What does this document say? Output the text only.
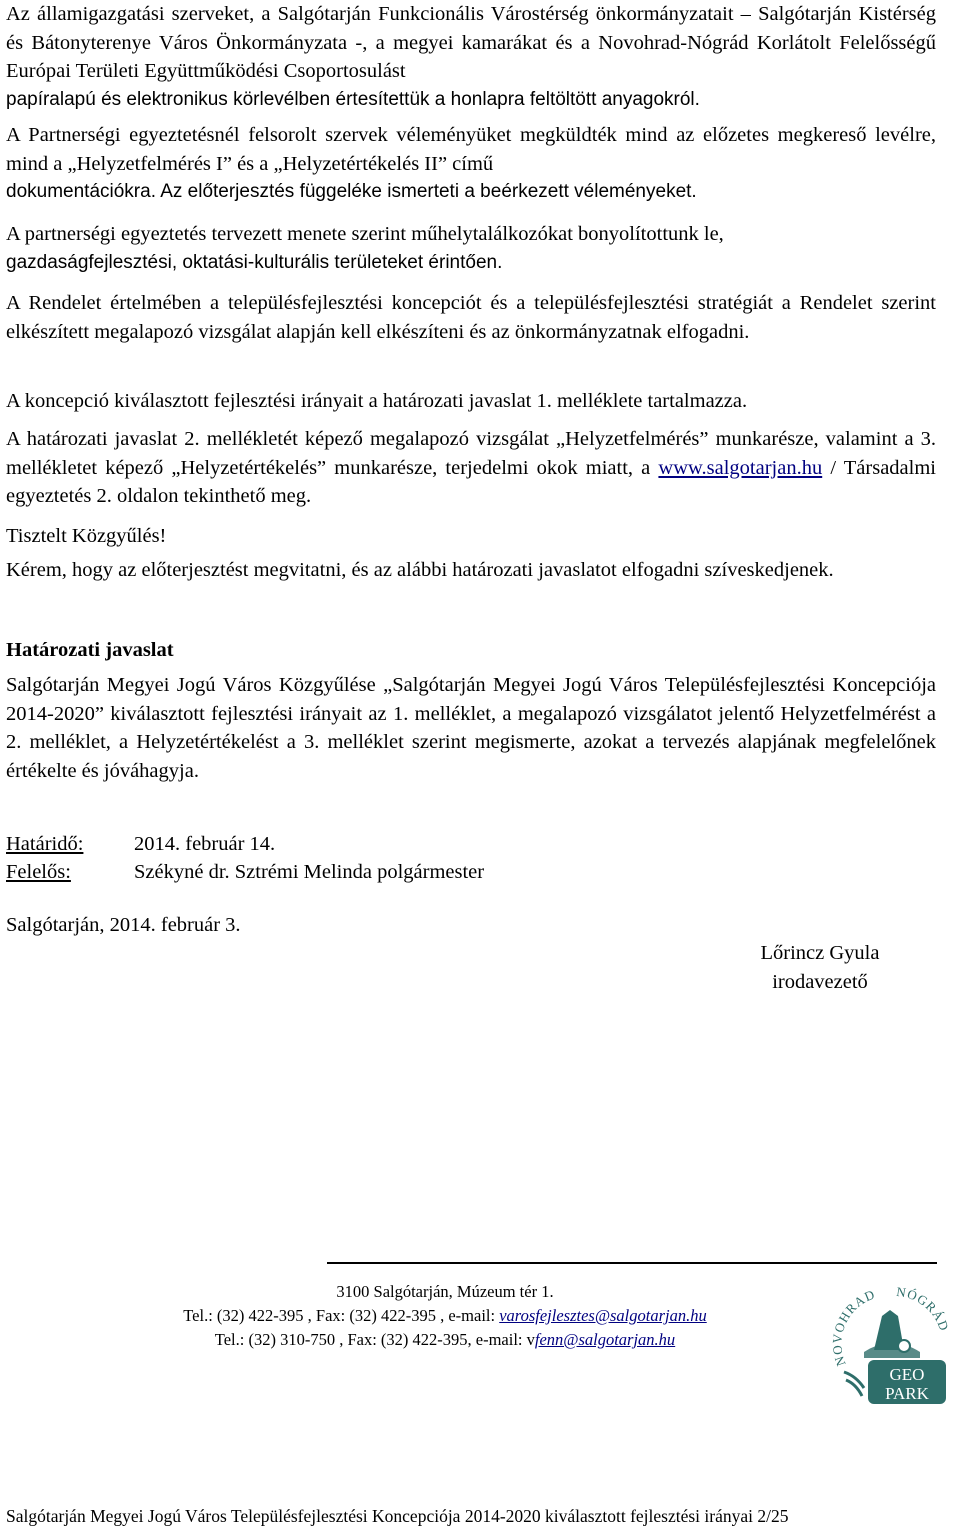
Az államigazgatási szerveket, a Salgótarján Funkcionális Várostérség önkormányzatait – Salgótarján Kistérség és Bátonyterenye Város Önkormányzata -, a megyei kamarákat és a Novohrad-Nógrád Korlátolt Felelősségű Európai Területi Együttműködési Csoportosulást

papíralapú és elektronikus körlevélben értesítettük a honlapra feltöltött anyagokról.

A Partnerségi egyeztetésnél felsorolt szervek véleményüket megküldték mind az előzetes megkereső levélre, mind a „Helyzetfelmérés I” és a „Helyzetértékelés II” című

dokumentációkra. Az előterjesztés függeléke ismerteti a beérkezett véleményeket.

A partnerségi egyeztetés tervezett menete szerint műhelytalálkozókat bonyolítottunk le,

gazdaságfejlesztési, oktatási-kulturális területeket érintően.

A Rendelet értelmében a településfejlesztési koncepciót és a településfejlesztési stratégiát a Rendelet szerint elkészített megalapozó vizsgálat alapján kell elkészíteni és az önkormányzatnak elfogadni.

A koncepció kiválasztott fejlesztési irányait a határozati javaslat 1. melléklete tartalmazza.

A határozati javaslat 2. mellékletét képező megalapozó vizsgálat „Helyzetfelmérés” munkarésze, valamint a 3. mellékletet képező „Helyzetértékelés” munkarésze, terjedelmi okok miatt, a www.salgotarjan.hu / Társadalmi egyeztetés 2. oldalon tekinthető meg.

Tisztelt Közgyűlés!

Kérem, hogy az előterjesztést megvitatni, és az alábbi határozati javaslatot elfogadni szíveskedjenek.

Határozati javaslat

Salgótarján Megyei Jogú Város Közgyűlése „Salgótarján Megyei Jogú Város Településfejlesztési Koncepciója 2014-2020” kiválasztott fejlesztési irányait az 1. melléklet, a megalapozó vizsgálatot jelentő Helyzetfelmérést a 2. melléklet, a Helyzetértékelést a 3. melléklet szerint megismerte, azokat a tervezés alapjának megfelelőnek értékelte és jóváhagyja.

Határidő: 2014. február 14.
Felelős:	Székyné dr. Sztrémi Melinda polgármester
Salgótarján, 2014. február 3.
Lőrincz Gyula
irodavezető
3100 Salgótarján, Múzeum tér 1.
Tel.: (32) 422-395 , Fax: (32) 422-395 , e-mail: varosfejlesztes@salgotarjan.hu
Tel.: (32) 310-750 , Fax: (32) 422-395, e-mail: vfenn@salgotarjan.hu
NOVOHRAD NÓGRÁD
GEO
PARK
Salgótarján Megyei Jogú Város Településfejlesztési Koncepciója 2014-2020 kiválasztott fejlesztési irányai 2/25
